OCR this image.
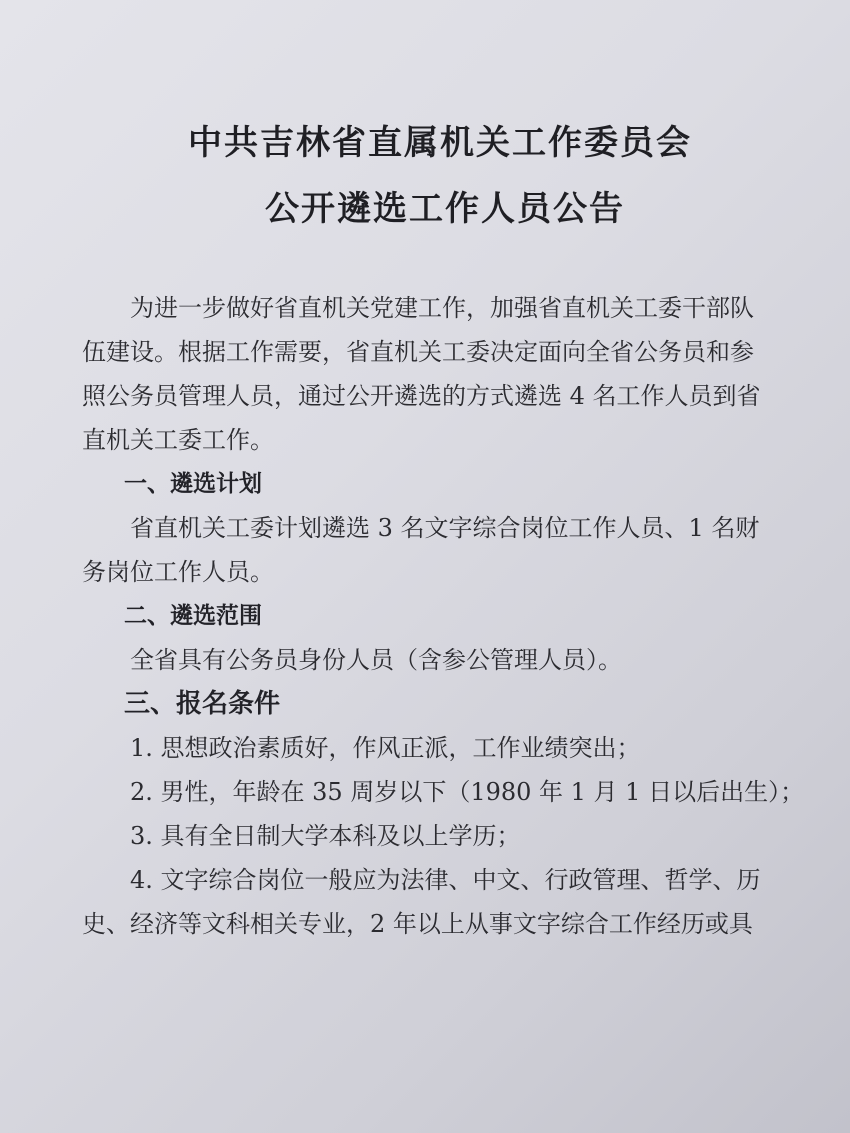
中共吉林省直属机关工作委员会
公开遴选工作人员公告
为进一步做好省直机关党建工作，加强省直机关工委干部队
伍建设。根据工作需要，省直机关工委决定面向全省公务员和参
照公务员管理人员，通过公开遴选的方式遴选 4 名工作人员到省
直机关工委工作。
一、遴选计划
省直机关工委计划遴选 3 名文字综合岗位工作人员、1 名财
务岗位工作人员。
二、遴选范围
全省具有公务员身份人员（含参公管理人员）。
三、报名条件
1. 思想政治素质好，作风正派，工作业绩突出；
2. 男性，年龄在 35 周岁以下（1980 年 1 月 1 日以后出生）；
3. 具有全日制大学本科及以上学历；
4. 文字综合岗位一般应为法律、中文、行政管理、哲学、历
史、经济等文科相关专业，2 年以上从事文字综合工作经历或具
